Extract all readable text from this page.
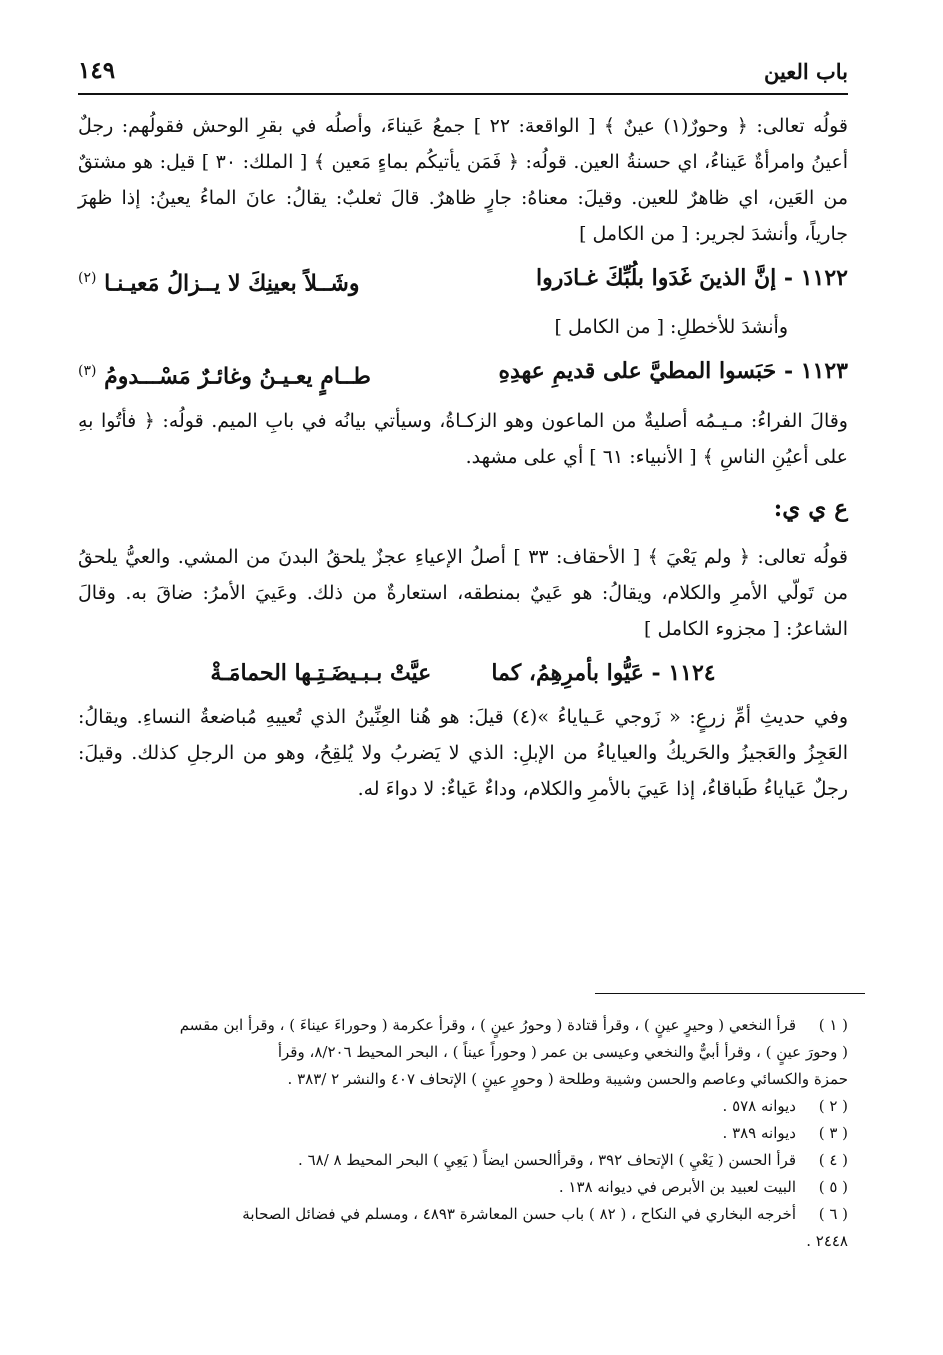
باب العين
١٤٩

قولُه تعالى: ﴿ وحورٌ(١) عينٌ ﴾ [ الواقعة: ٢٢ ] جمعُ عَيناءَ، وأصلُه في بقرِ الوحش فقولُهم: رجلٌ أعينُ وامرأةٌ عَيناءُ، اي حسنةُ العين. قولُه: ﴿ فَمَن يأتيكُم بماءٍ مَعين ﴾ [ الملك: ٣٠ ] قيل: هو مشتقٌ من العَين، اي ظاهرٌ للعين. وقيلَ: معناهُ: جارٍ ظاهرٌ. قالَ ثعلبٌ: يقالُ: عانَ الماءُ يعينُ: إذا ظهرَ جارياً، وأنشدَ لجرير: [ من الكامل ]

١١٢٢ - إنَّ الذينَ غَدَوا بلُبِّكَ غـادَروا
وشَــلاً بعينِكَ لا يــزالُ مَعيـنـا $^{(٢)}$

وأنشدَ للأخطلِ: [ من الكامل ]

١١٢٣ - حَبَسوا المطيَّ على قديمِ عهدِهِ
طــامٍ يعـيـنُ وغائـرٌ مَسْـــدومُ $^{(٣)}$

وقالَ الفراءُ: مـيـمُه أصليةٌ من الماعون وهو الزكـاةُ، وسيأتي بيانُه في بابِ الميم. قولُه: ﴿ فأتُوا بهِ على أعيُنِ الناسِ ﴾ [ الأنبياء: ٦١ ] أي على مشهد.

ع ي ي:

قولُه تعالى: ﴿ ولم يَعْيَ ﴾ [ الأحقاف: ٣٣ ] أصلُ الإعياءِ عجزٌ يلحقُ البدنَ من المشي. والعيُّ يلحقُ من تَولّي الأمرِ والكلام، ويقالُ: هو عَييٌ بمنطقه، استعارةٌ من ذلك. وعَييَ الأمرُ: ضاقَ به. وقالَ الشاعرُ: [ مجزوء الكامل ]

١١٢٤ - عَيُّوا بأمرِهِمُ، كما
عيَّتْ بـبـيضَـتِـها الحمامَـةْ

وفي حديثِ أمِّ زرعٍ: « زَوجي عَـياياءُ »(٤) قيلَ: هو هُنا العِنِّينُ الذي تُعييهِ مُباضعةُ النساءِ. ويقالُ: العَجِزُ والعَجيزُ والحَريكُ والعياياءُ من الإبلِ: الذي لا يَضربُ ولا يُلقِحُ، وهو من الرجلِ كذلك. وقيلَ: رجلٌ عَياياءُ طَباقاءُ، إذا عَييَ بالأمرِ والكلام، وداءٌ عَياءٌ: لا دواءَ له.

( ١ )
قرأ النخعي ( وحيرٍ عينٍ ) ، وقرأ قتادة ( وحورُ عينٍ ) ، وقرأ عكرمة ( وحوراءَ عيناءَ ) ، وقرأ ابن مقسم
( وحورَ عينٍ ) ، وقرأ أبيٌّ والنخعي وعيسى بن عمر ( وحوراً عيناً ) ، البحر المحيط ٨/٢٠٦، وقرأ
حمزة والكسائي وعاصم والحسن وشيبة وطلحة ( وحورٍ عينٍ ) الإتحاف ٤٠٧ والنشر ٢ /٣٨٣ .
( ٢ )
ديوانه ٥٧٨ .
( ٣ )
ديوانه ٣٨٩ .
( ٤ )
قرأ الحسن ( يَعْيِ ) الإتحاف ٣٩٢ ، وقرأالحسن ايضاً ( يَعِيِ ) البحر المحيط ٨ /٦٨ .
( ٥ )
البيت لعبيد بن الأبرص في ديوانه ١٣٨ .
( ٦ )
أخرجه البخاري في النكاح ، ( ٨٢ ) باب حسن المعاشرة ٤٨٩٣ ، ومسلم في فضائل الصحابة
٢٤٤٨ .
